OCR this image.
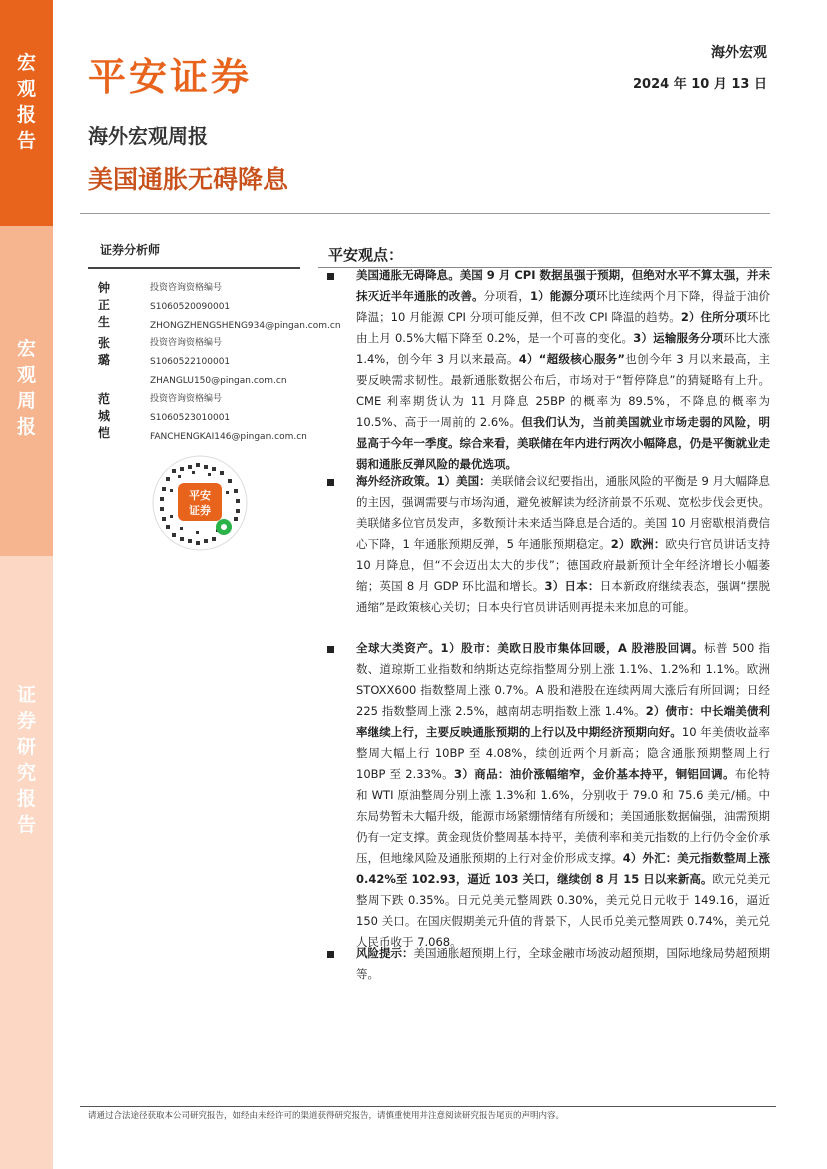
宏
观
报
告
宏
观
周
报
证
券
研
究
报
告
平安证券
海外宏观
2024 年 10 月 13 日
海外宏观周报
美国通胀无碍降息
证券分析师
钟正生
投资咨询资格编号
S1060520090001
ZHONGZHENGSHENG934@pingan.com.cn
张璐
投资咨询资格编号
S1060522100001
ZHANGLU150@pingan.com.cn
范城恺
投资咨询资格编号
S1060523010001
FANCHENGKAI146@pingan.com.cn
平安
证券
平安观点：
美国通胀无碍降息。美国 9 月 CPI 数据虽强于预期，但绝对水平不算太强，并未抹灭近半年通胀的改善。分项看，1）能源分项环比连续两个月下降，得益于油价降温；10 月能源 CPI 分项可能反弹，但不改 CPI 降温的趋势。2）住所分项环比由上月 0.5%大幅下降至 0.2%，是一个可喜的变化。3）运输服务分项环比大涨 1.4%，创今年 3 月以来最高。4）“超级核心服务”也创今年 3 月以来最高，主要反映需求韧性。最新通胀数据公布后，市场对于“暂停降息”的猜疑略有上升。CME 利率期货认为 11 月降息 25BP 的概率为 89.5%，不降息的概率为 10.5%、高于一周前的 2.6%。但我们认为，当前美国就业市场走弱的风险，明显高于今年一季度。综合来看，美联储在年内进行两次小幅降息，仍是平衡就业走弱和通胀反弹风险的最优选项。
海外经济政策。1）美国：美联储会议纪要指出，通胀风险的平衡是 9 月大幅降息的主因，强调需要与市场沟通，避免被解读为经济前景不乐观、宽松步伐会更快。美联储多位官员发声，多数预计未来适当降息是合适的。美国 10 月密歇根消费信心下降，1 年通胀预期反弹，5 年通胀预期稳定。2）欧洲：欧央行官员讲话支持 10 月降息，但“不会迈出太大的步伐”；德国政府最新预计全年经济增长小幅萎缩；英国 8 月 GDP 环比温和增长。3）日本：日本新政府继续表态，强调“摆脱通缩”是政策核心关切；日本央行官员讲话则再提未来加息的可能。
全球大类资产。1）股市：美欧日股市集体回暖，A 股港股回调。标普 500 指数、道琼斯工业指数和纳斯达克综指整周分别上涨 1.1%、1.2%和 1.1%。欧洲 STOXX600 指数整周上涨 0.7%。A 股和港股在连续两周大涨后有所回调；日经 225 指数整周上涨 2.5%，越南胡志明指数上涨 1.4%。2）债市：中长端美债利率继续上行，主要反映通胀预期的上行以及中期经济预期向好。10 年美债收益率整周大幅上行 10BP 至 4.08%，续创近两个月新高；隐含通胀预期整周上行 10BP 至 2.33%。3）商品：油价涨幅缩窄，金价基本持平，铜铝回调。布伦特和 WTI 原油整周分别上涨 1.3%和 1.6%，分别收于 79.0 和 75.6 美元/桶。中东局势暂未大幅升级，能源市场紧绷情绪有所缓和；美国通胀数据偏强，油需预期仍有一定支撑。黄金现货价整周基本持平，美债利率和美元指数的上行仍令金价承压，但地缘风险及通胀预期的上行对金价形成支撑。4）外汇：美元指数整周上涨 0.42%至 102.93，逼近 103 关口，继续创 8 月 15 日以来新高。欧元兑美元整周下跌 0.35%。日元兑美元整周跌 0.30%，美元兑日元收于 149.16，逼近 150 关口。在国庆假期美元升值的背景下，人民币兑美元整周跌 0.74%，美元兑人民币收于 7.068。
风险提示：美国通胀超预期上行，全球金融市场波动超预期，国际地缘局势超预期等。
请通过合法途径获取本公司研究报告，如经由未经许可的渠道获得研究报告，请慎重使用并注意阅读研究报告尾页的声明内容。
